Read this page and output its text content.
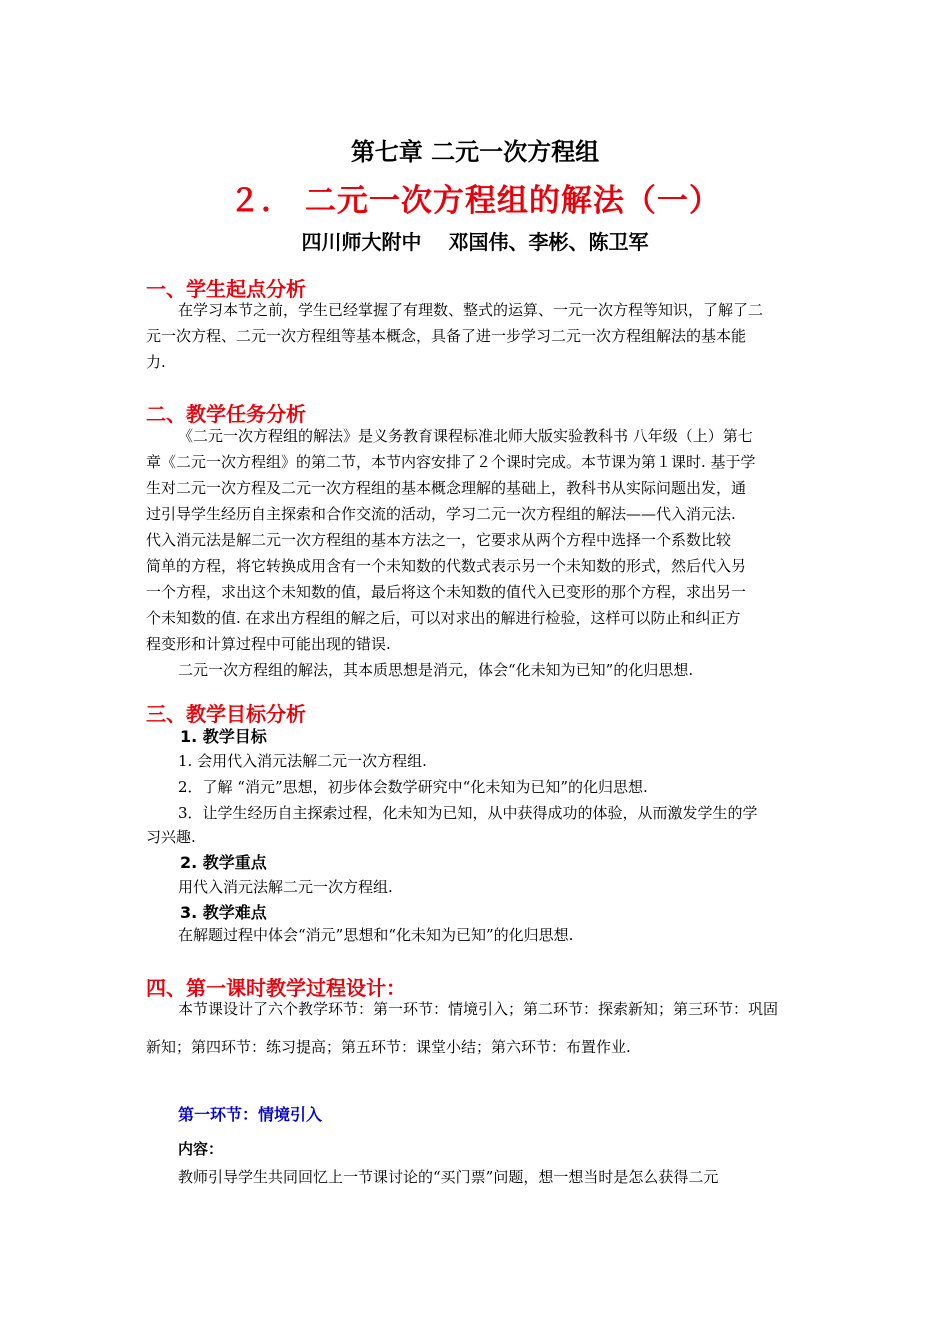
第七章 二元一次方程组
２． 二元一次方程组的解法（一）
四川师大附中　 邓国伟、李彬、陈卫军
一、学生起点分析
在学习本节之前，学生已经掌握了有理数、整式的运算、一元一次方程等知识，了解了二
元一次方程、二元一次方程组等基本概念，具备了进一步学习二元一次方程组解法的基本能
力.
二、教学任务分析
《二元一次方程组的解法》是义务教育课程标准北师大版实验教科书 八年级（上）第七
章《二元一次方程组》的第二节，本节内容安排了２个课时完成。本节课为第１课时. 基于学
生对二元一次方程及二元一次方程组的基本概念理解的基础上，教科书从实际问题出发，通
过引导学生经历自主探索和合作交流的活动，学习二元一次方程组的解法——代入消元法.
代入消元法是解二元一次方程组的基本方法之一，它要求从两个方程中选择一个系数比较
简单的方程，将它转换成用含有一个未知数的代数式表示另一个未知数的形式，然后代入另
一个方程，求出这个未知数的值，最后将这个未知数的值代入已变形的那个方程，求出另一
个未知数的值. 在求出方程组的解之后，可以对求出的解进行检验，这样可以防止和纠正方
程变形和计算过程中可能出现的错误.
二元一次方程组的解法，其本质思想是消元，体会“化未知为已知”的化归思想.
三、教学目标分析
1. 教学目标
1. 会用代入消元法解二元一次方程组.
2．了解 “消元”思想，初步体会数学研究中“化未知为已知”的化归思想.
3．让学生经历自主探索过程，化未知为已知，从中获得成功的体验，从而激发学生的学
习兴趣.
2. 教学重点
用代入消元法解二元一次方程组.
3. 教学难点
在解题过程中体会“消元”思想和“化未知为已知”的化归思想.
四、第一课时教学过程设计：
本节课设计了六个教学环节：第一环节：情境引入；第二环节：探索新知；第三环节：巩固
新知；第四环节：练习提高；第五环节：课堂小结；第六环节：布置作业.
第一环节：情境引入
内容：
教师引导学生共同回忆上一节课讨论的“买门票”问题，想一想当时是怎么获得二元
